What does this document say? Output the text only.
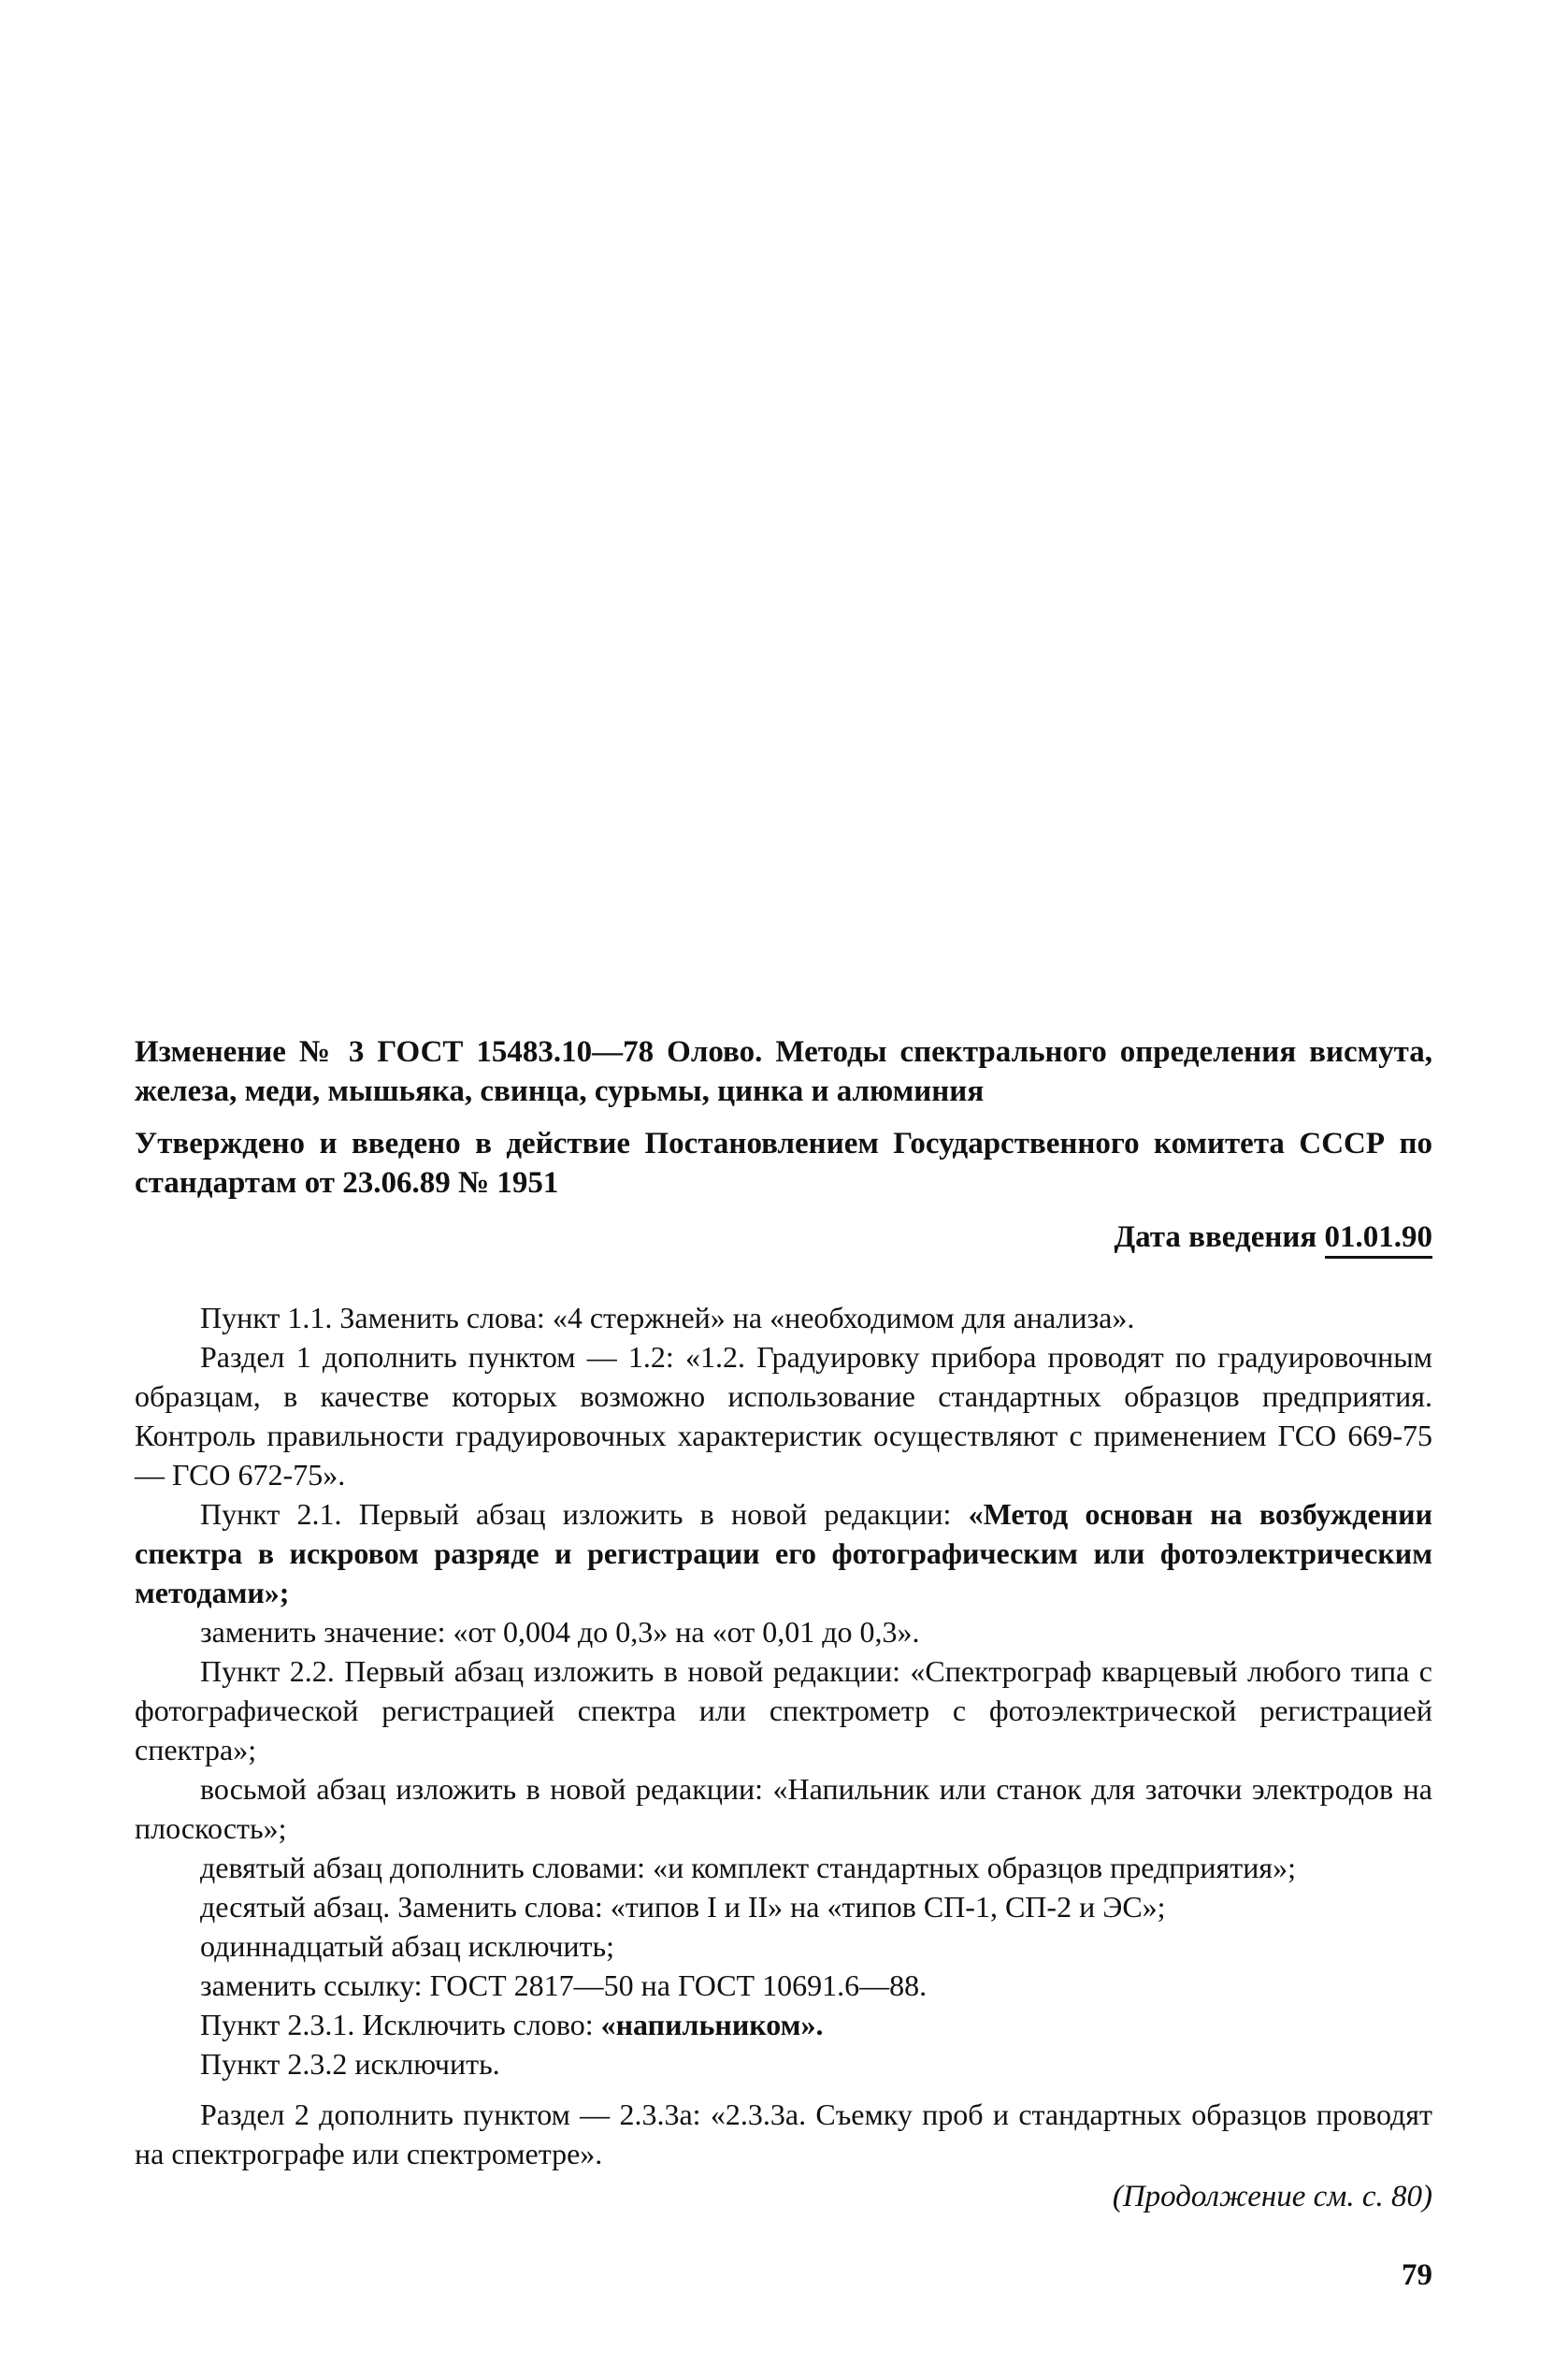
Изменение № 3 ГОСТ 15483.10—78 Олово. Методы спектрального определения висмута, железа, меди, мышьяка, свинца, сурьмы, цинка и алюминия
Утверждено и введено в действие Постановлением Государственного комитета СССР по стандартам от 23.06.89 № 1951
Дата введения 01.01.90

Пункт 1.1. Заменить слова: «4 стержней» на «необходимом для анализа».

Раздел 1 дополнить пунктом — 1.2: «1.2. Градуировку прибора проводят по градуировочным образцам, в качестве которых возможно использование стандартных образцов предприятия. Контроль правильности градуировочных характеристик осуществляют с применением ГСО 669-75 — ГСО 672-75».

Пункт 2.1. Первый абзац изложить в новой редакции: «Метод основан на возбуждении спектра в искровом разряде и регистрации его фотографическим или фотоэлектрическим методами»;

заменить значение: «от 0,004 до 0,3» на «от 0,01 до 0,3».

Пункт 2.2. Первый абзац изложить в новой редакции: «Спектрограф кварцевый любого типа с фотографической регистрацией спектра или спектрометр с фотоэлектрической регистрацией спектра»;

восьмой абзац изложить в новой редакции: «Напильник или станок для заточки электродов на плоскость»;

девятый абзац дополнить словами: «и комплект стандартных образцов предприятия»;

десятый абзац. Заменить слова: «типов I и II» на «типов СП-1, СП-2 и ЭС»;

одиннадцатый абзац исключить;

заменить ссылку: ГОСТ 2817—50 на ГОСТ 10691.6—88.

Пункт 2.3.1. Исключить слово: «напильником».

Пункт 2.3.2 исключить.

Раздел 2 дополнить пунктом — 2.3.3а: «2.3.3а. Съемку проб и стандартных образцов проводят на спектрографе или спектрометре».

(Продолжение см. с. 80)
79
